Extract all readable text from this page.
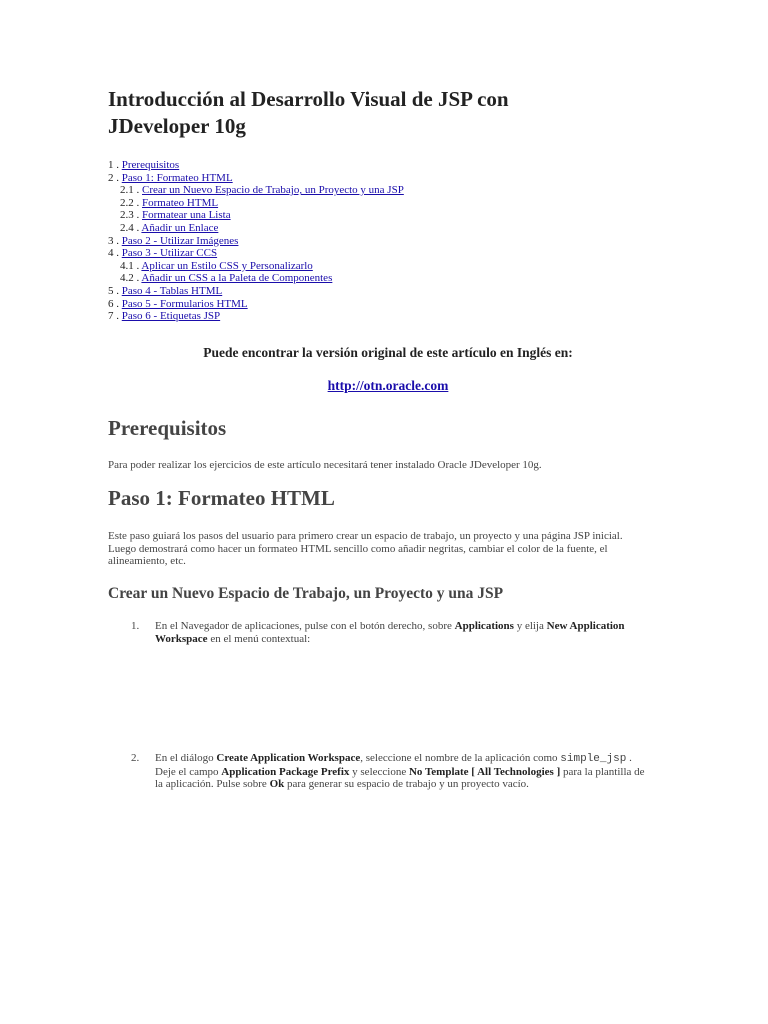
Introducción al Desarrollo Visual de JSP con JDeveloper 10g
1 . Prerequisitos
2 . Paso 1: Formateo HTML
2.1 . Crear un Nuevo Espacio de Trabajo, un Proyecto y una JSP
2.2 . Formateo HTML
2.3 . Formatear una Lista
2.4 . Añadir un Enlace
3 . Paso 2 - Utilizar Imágenes
4 . Paso 3 - Utilizar CCS
4.1 . Aplicar un Estilo CSS y Personalizarlo
4.2 . Añadir un CSS a la Paleta de Componentes
5 . Paso 4 - Tablas HTML
6 . Paso 5 - Formularios HTML
7 . Paso 6 - Etiquetas JSP
Puede encontrar la versión original de este artículo en Inglés en:
http://otn.oracle.com
Prerequisitos

Para poder realizar los ejercicios de este artículo necesitará tener instalado Oracle JDeveloper 10g.

Paso 1: Formateo HTML

Este paso guiará los pasos del usuario para primero crear un espacio de trabajo, un proyecto y una página JSP inicial. Luego demostrará como hacer un formateo HTML sencillo como añadir negritas, cambiar el color de la fuente, el alineamiento, etc.

Crear un Nuevo Espacio de Trabajo, un Proyecto y una JSP
1. En el Navegador de aplicaciones, pulse con el botón derecho, sobre Applications y elija New Application Workspace en el menú contextual:
2. En el diálogo Create Application Workspace, seleccione el nombre de la aplicación como simple_jsp . Deje el campo Application Package Prefix y seleccione No Template [ All Technologies ] para la plantilla de la aplicación. Pulse sobre Ok para generar su espacio de trabajo y un proyecto vacío.
